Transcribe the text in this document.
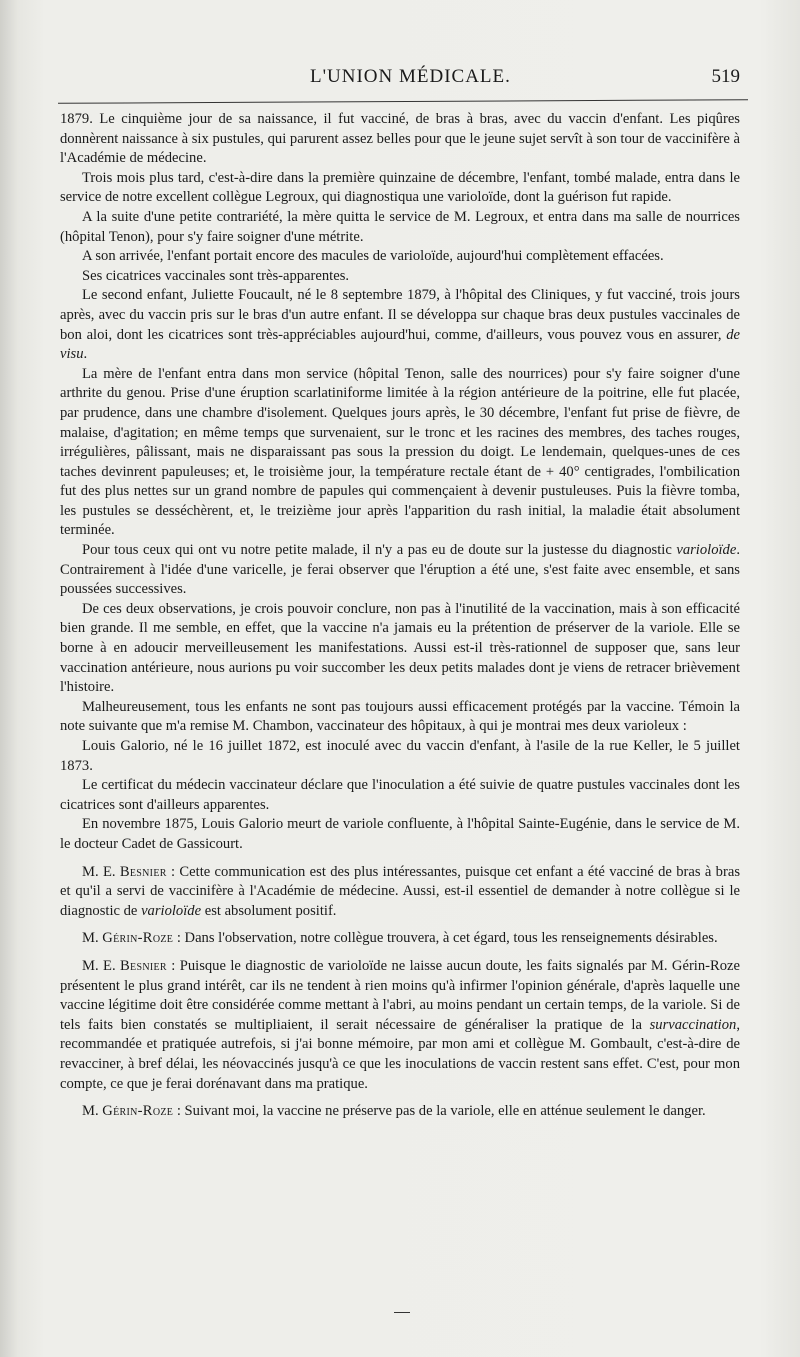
L'UNION MÉDICALE.	519

1879. Le cinquième jour de sa naissance, il fut vacciné, de bras à bras, avec du vaccin d'enfant. Les piqûres donnèrent naissance à six pustules, qui parurent assez belles pour que le jeune sujet servît à son tour de vaccinifère à l'Académie de médecine.

Trois mois plus tard, c'est-à-dire dans la première quinzaine de décembre, l'enfant, tombé malade, entra dans le service de notre excellent collègue Legroux, qui diagnostiqua une varioloïde, dont la guérison fut rapide.

A la suite d'une petite contrariété, la mère quitta le service de M. Legroux, et entra dans ma salle de nourrices (hôpital Tenon), pour s'y faire soigner d'une métrite.

A son arrivée, l'enfant portait encore des macules de varioloïde, aujourd'hui complètement effacées.

Ses cicatrices vaccinales sont très-apparentes.

Le second enfant, Juliette Foucault, né le 8 septembre 1879, à l'hôpital des Cliniques, y fut vacciné, trois jours après, avec du vaccin pris sur le bras d'un autre enfant. Il se développa sur chaque bras deux pustules vaccinales de bon aloi, dont les cicatrices sont très-appréciables aujourd'hui, comme, d'ailleurs, vous pouvez vous en assurer, de visu.

La mère de l'enfant entra dans mon service (hôpital Tenon, salle des nourrices) pour s'y faire soigner d'une arthrite du genou. Prise d'une éruption scarlatiniforme limitée à la région antérieure de la poitrine, elle fut placée, par prudence, dans une chambre d'isolement. Quelques jours après, le 30 décembre, l'enfant fut prise de fièvre, de malaise, d'agitation; en même temps que survenaient, sur le tronc et les racines des membres, des taches rouges, irrégulières, pâlissant, mais ne disparaissant pas sous la pression du doigt. Le lendemain, quelques-unes de ces taches devinrent papuleuses; et, le troisième jour, la température rectale étant de + 40° centigrades, l'ombilication fut des plus nettes sur un grand nombre de papules qui commençaient à devenir pustuleuses. Puis la fièvre tomba, les pustules se desséchèrent, et, le treizième jour après l'apparition du rash initial, la maladie était absolument terminée.

Pour tous ceux qui ont vu notre petite malade, il n'y a pas eu de doute sur la justesse du diagnostic varioloïde. Contrairement à l'idée d'une varicelle, je ferai observer que l'éruption a été une, s'est faite avec ensemble, et sans poussées successives.

De ces deux observations, je crois pouvoir conclure, non pas à l'inutilité de la vaccination, mais à son efficacité bien grande. Il me semble, en effet, que la vaccine n'a jamais eu la prétention de préserver de la variole. Elle se borne à en adoucir merveilleusement les manifestations. Aussi est-il très-rationnel de supposer que, sans leur vaccination antérieure, nous aurions pu voir succomber les deux petits malades dont je viens de retracer brièvement l'histoire.

Malheureusement, tous les enfants ne sont pas toujours aussi efficacement protégés par la vaccine. Témoin la note suivante que m'a remise M. Chambon, vaccinateur des hôpitaux, à qui je montrai mes deux varioleux :

Louis Galorio, né le 16 juillet 1872, est inoculé avec du vaccin d'enfant, à l'asile de la rue Keller, le 5 juillet 1873.

Le certificat du médecin vaccinateur déclare que l'inoculation a été suivie de quatre pustules vaccinales dont les cicatrices sont d'ailleurs apparentes.

En novembre 1875, Louis Galorio meurt de variole confluente, à l'hôpital Sainte-Eugénie, dans le service de M. le docteur Cadet de Gassicourt.

M. E. Besnier : Cette communication est des plus intéressantes, puisque cet enfant a été vacciné de bras à bras et qu'il a servi de vaccinifère à l'Académie de médecine. Aussi, est-il essentiel de demander à notre collègue si le diagnostic de varioloïde est absolument positif.

M. Gérin-Roze : Dans l'observation, notre collègue trouvera, à cet égard, tous les renseignements désirables.

M. E. Besnier : Puisque le diagnostic de varioloïde ne laisse aucun doute, les faits signalés par M. Gérin-Roze présentent le plus grand intérêt, car ils ne tendent à rien moins qu'à infirmer l'opinion générale, d'après laquelle une vaccine légitime doit être considérée comme mettant à l'abri, au moins pendant un certain temps, de la variole. Si de tels faits bien constatés se multipliaient, il serait nécessaire de généraliser la pratique de la survaccination, recommandée et pratiquée autrefois, si j'ai bonne mémoire, par mon ami et collègue M. Gombault, c'est-à-dire de revacciner, à bref délai, les néovaccinés jusqu'à ce que les inoculations de vaccin restent sans effet. C'est, pour mon compte, ce que je ferai dorénavant dans ma pratique.

M. Gérin-Roze : Suivant moi, la vaccine ne préserve pas de la variole, elle en atténue seulement le danger.
